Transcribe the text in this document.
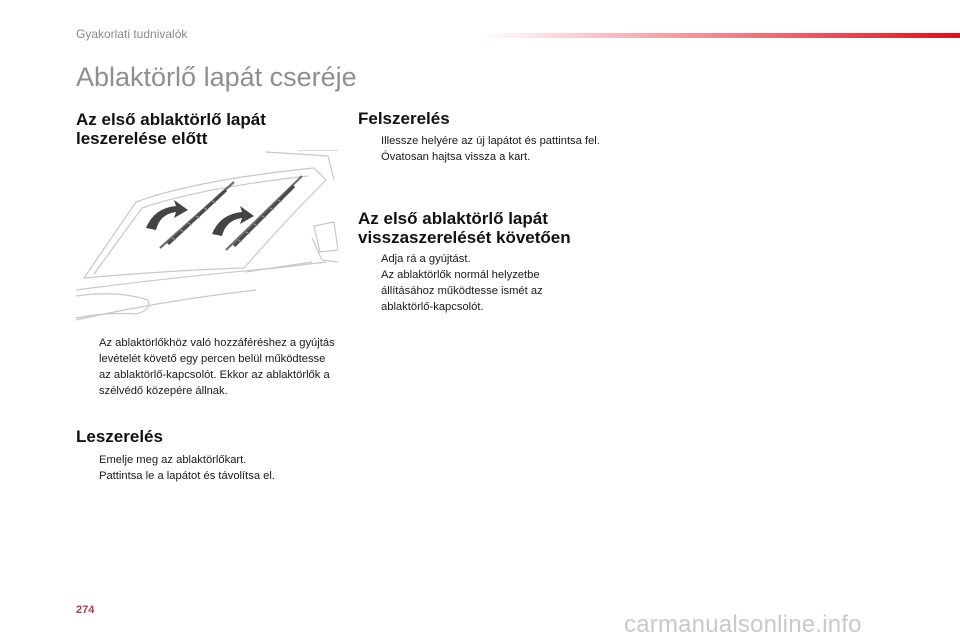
Gyakorlati tudnivalók
Ablaktörlő lapát cseréje
Az első ablaktörlő lapát leszerelése előtt
Az ablaktörlőkhöz való hozzáféréshez a gyújtás levételét követő egy percen belül működtesse az ablaktörlő-kapcsolót. Ekkor az ablaktörlők a szélvédő közepére állnak.
Leszerelés
Emelje meg az ablaktörlőkart.
Pattintsa le a lapátot és távolítsa el.
Felszerelés
Illessze helyére az új lapátot és pattintsa fel.
Óvatosan hajtsa vissza a kart.
Az első ablaktörlő lapát visszaszerelését követően
Adja rá a gyújtást.
Az ablaktörlők normál helyzetbe állításához működtesse ismét az ablaktörlő-kapcsolót.
274
carmanualsonline.info
